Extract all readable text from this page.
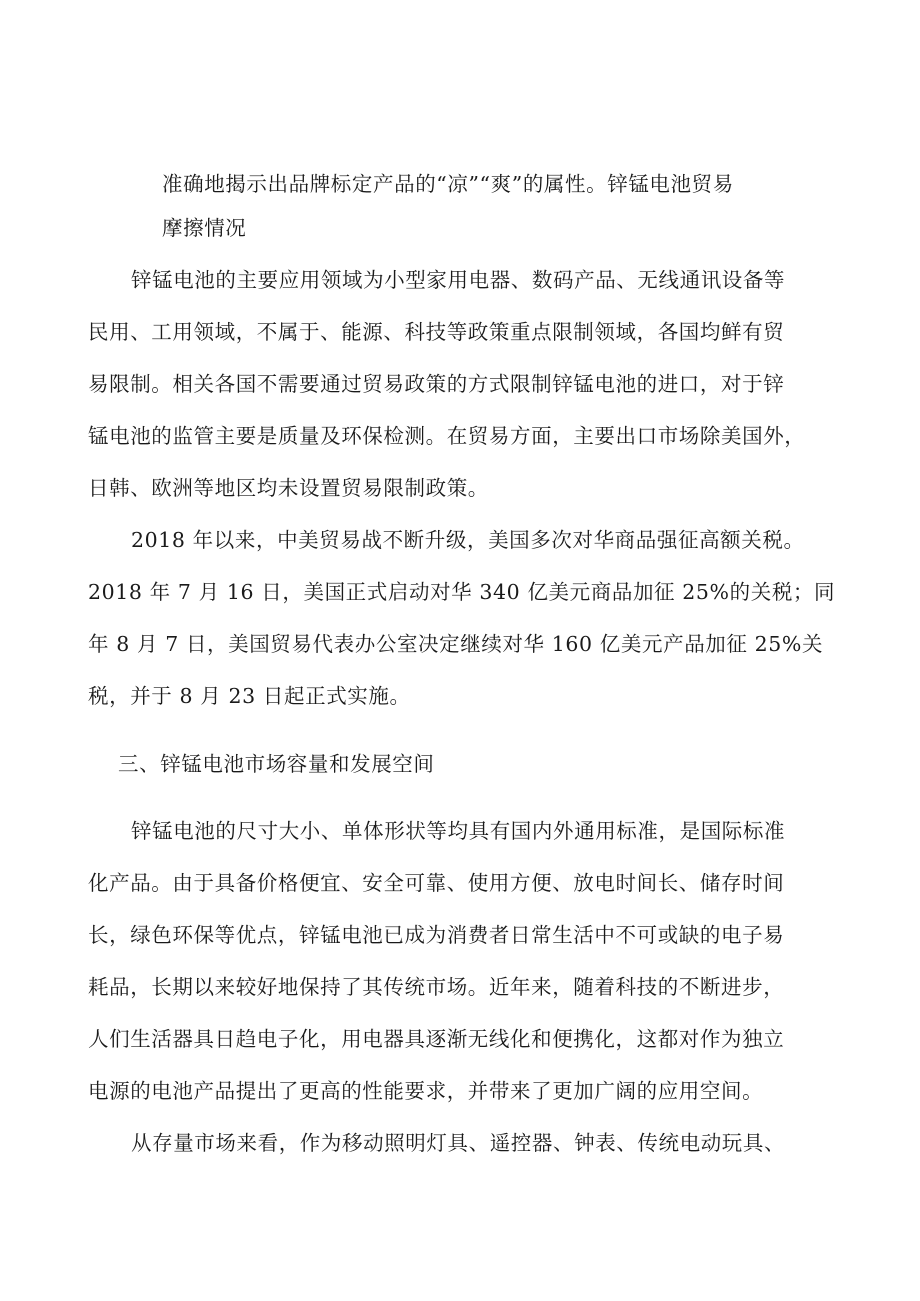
准确地揭示出品牌标定产品的“凉”“爽”的属性。锌锰电池贸易
摩擦情况
锌锰电池的主要应用领域为小型家用电器、数码产品、无线通讯设备等
民用、工用领域，不属于、能源、科技等政策重点限制领域，各国均鲜有贸
易限制。相关各国不需要通过贸易政策的方式限制锌锰电池的进口，对于锌
锰电池的监管主要是质量及环保检测。在贸易方面，主要出口市场除美国外，
日韩、欧洲等地区均未设置贸易限制政策。
2018 年以来，中美贸易战不断升级，美国多次对华商品强征高额关税。
2018 年 7 月 16 日，美国正式启动对华 340 亿美元商品加征 25%的关税；同
年 8 月 7 日，美国贸易代表办公室决定继续对华 160 亿美元产品加征 25%关
税，并于 8 月 23 日起正式实施。
三、锌锰电池市场容量和发展空间
锌锰电池的尺寸大小、单体形状等均具有国内外通用标准，是国际标准
化产品。由于具备价格便宜、安全可靠、使用方便、放电时间长、储存时间
长，绿色环保等优点，锌锰电池已成为消费者日常生活中不可或缺的电子易
耗品，长期以来较好地保持了其传统市场。近年来，随着科技的不断进步，
人们生活器具日趋电子化，用电器具逐渐无线化和便携化，这都对作为独立
电源的电池产品提出了更高的性能要求，并带来了更加广阔的应用空间。
从存量市场来看，作为移动照明灯具、遥控器、钟表、传统电动玩具、
